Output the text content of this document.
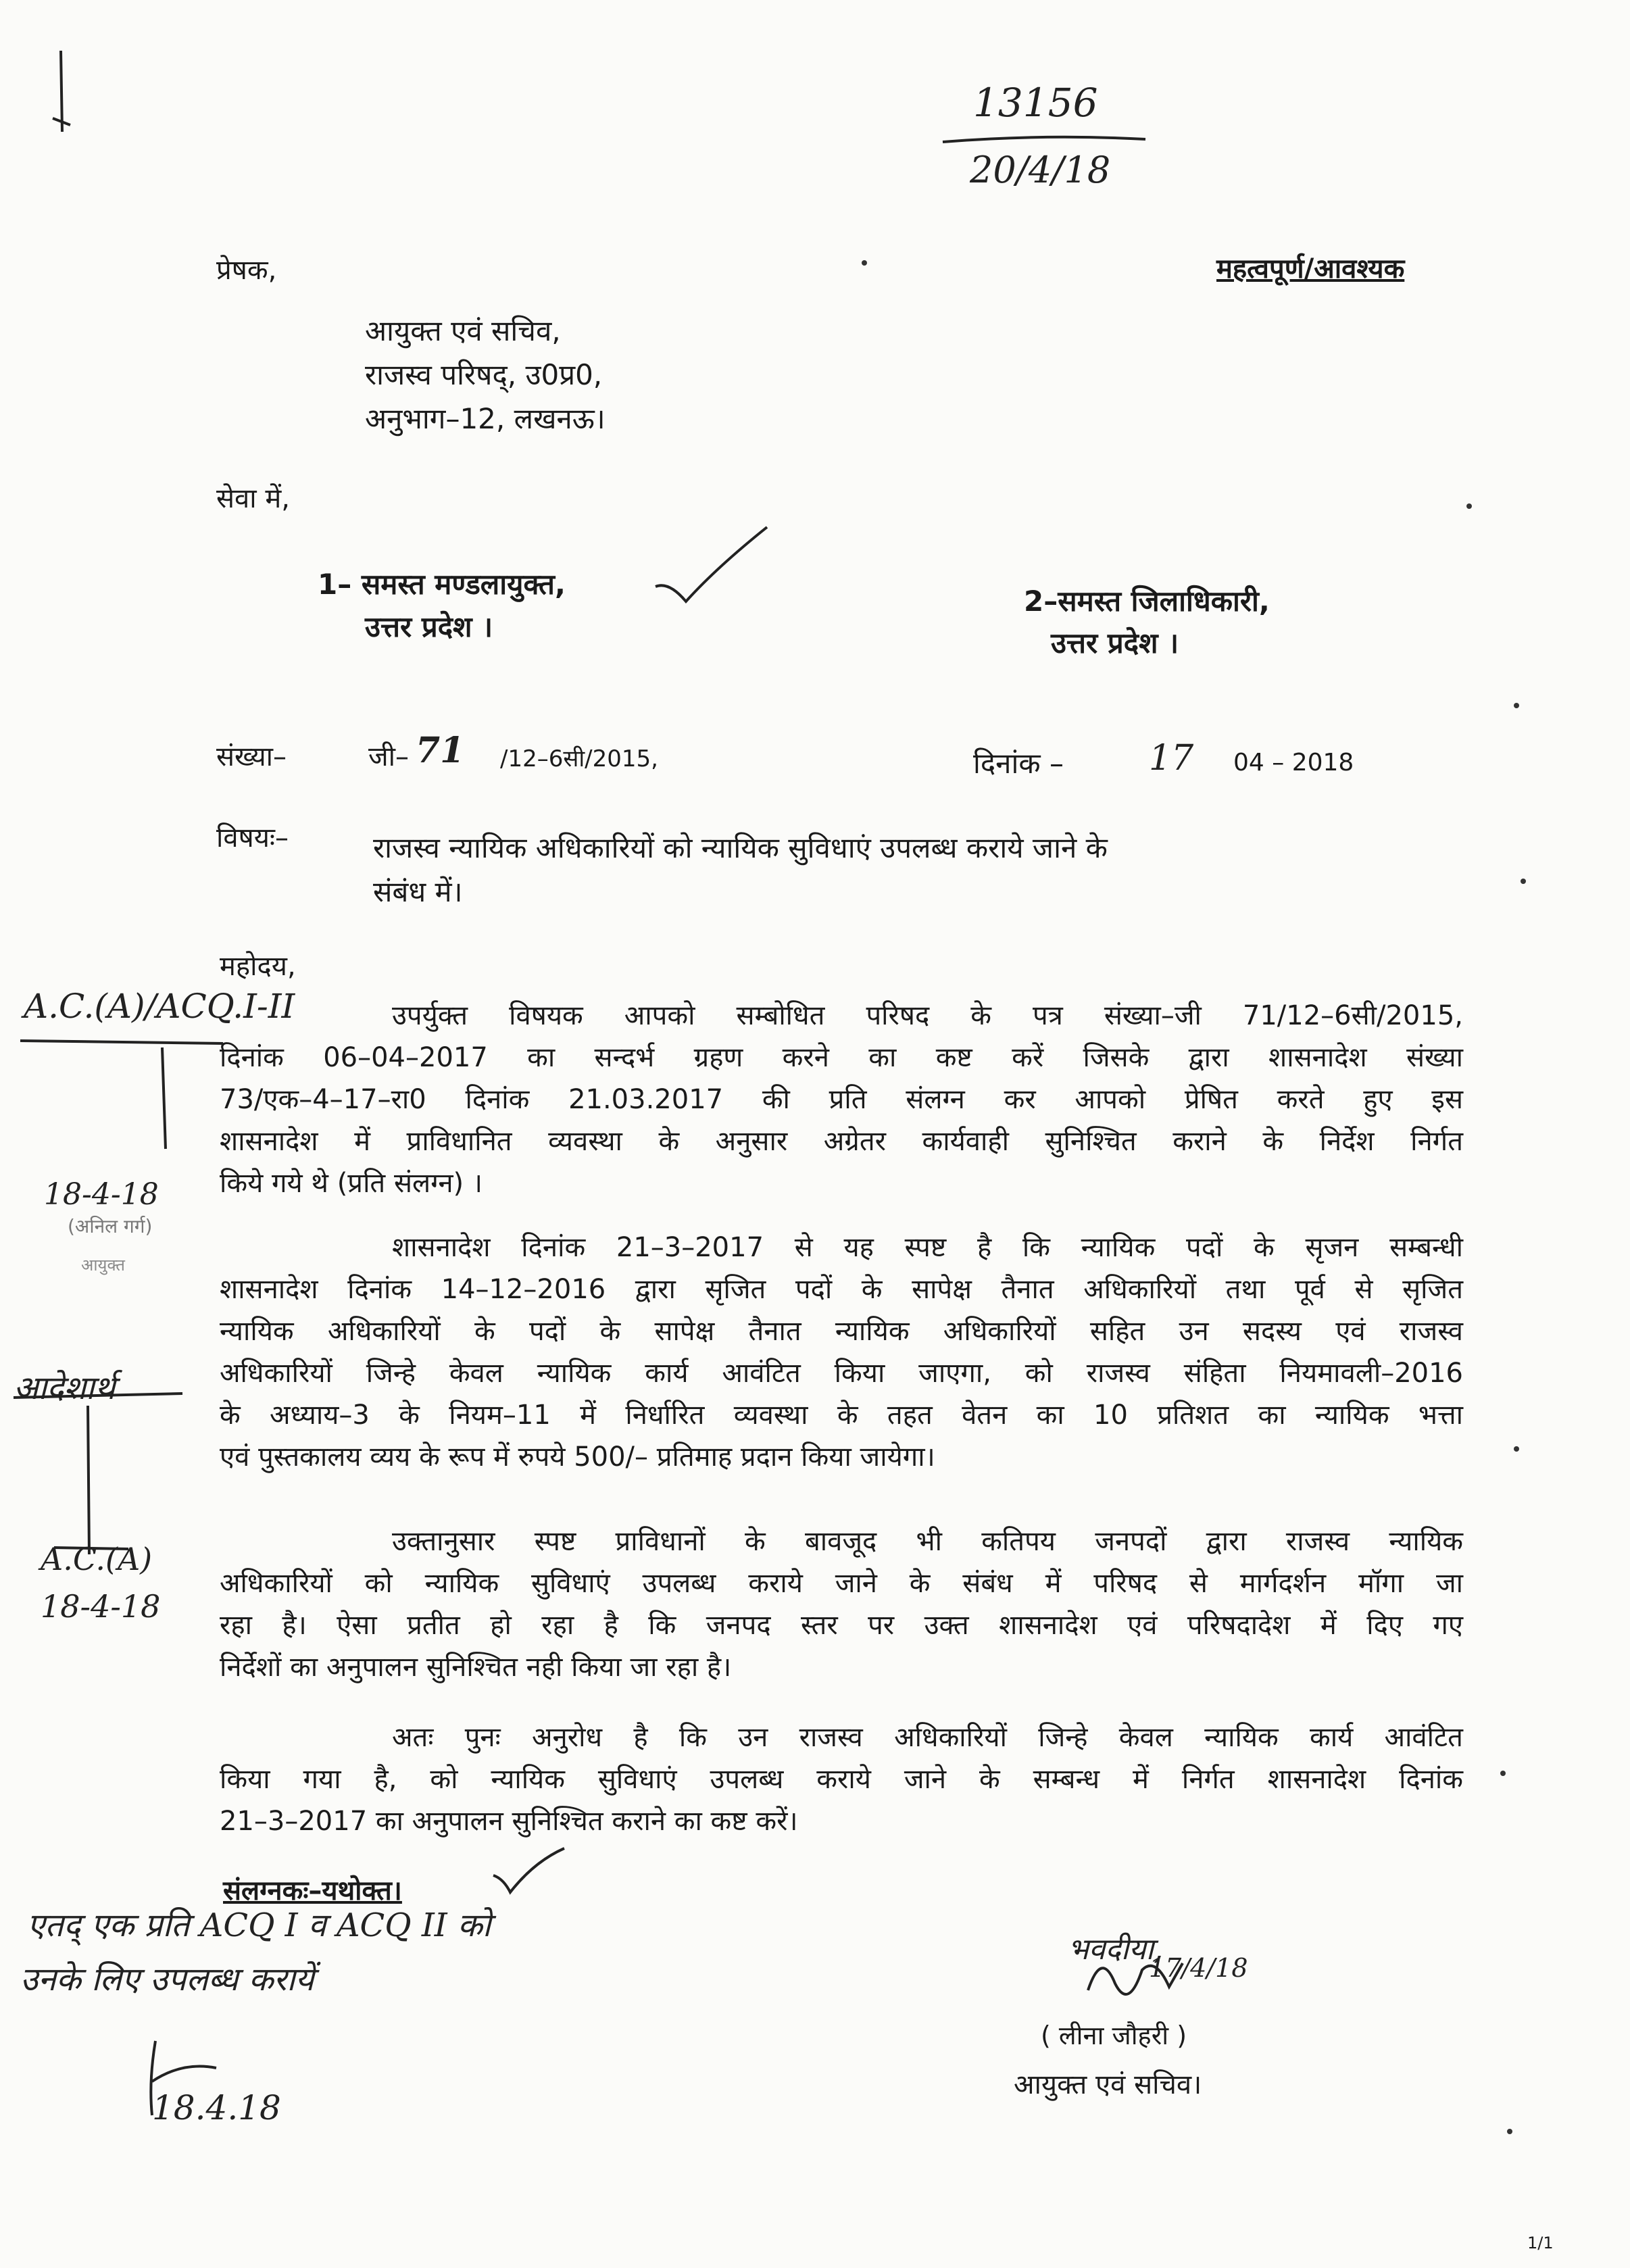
13156
20/4/18
प्रेषक,	महत्वपूर्ण/आवश्यक
आयुक्त एवं सचिव,
राजस्व परिषद्, उ0प्र0,
अनुभाग–12, लखनऊ।
सेवा में,
1– समस्त मण्डलायुक्त,
उत्तर प्रदेश ।
2–समस्त जिलाधिकारी,
उत्तर प्रदेश ।
संख्या–	जी– 71 /12–6सी/2015,	दिनांक – 17 04 – 2018
विषयः–	राजस्व न्यायिक अधिकारियों को न्यायिक सुविधाएं उपलब्ध कराये जाने के
संबंध में।
महोदय,
उपर्युक्त विषयक आपको सम्बोधित परिषद के पत्र संख्या–जी 71/12–6सी/2015,
दिनांक 06–04–2017 का सन्दर्भ ग्रहण करने का कष्ट करें जिसके द्वारा शासनादेश संख्या
73/एक–4–17–रा0 दिनांक 21.03.2017 की प्रति संलग्न कर आपको प्रेषित करते हुए इस
शासनादेश में प्राविधानित व्यवस्था के अनुसार अग्रेतर कार्यवाही सुनिश्चित कराने के निर्देश निर्गत
किये गये थे (प्रति संलग्न) ।
शासनादेश दिनांक 21–3–2017 से यह स्पष्ट है कि न्यायिक पदों के सृजन सम्बन्धी
शासनादेश दिनांक 14–12–2016 द्वारा सृजित पदों के सापेक्ष तैनात अधिकारियों तथा पूर्व से सृजित
न्यायिक अधिकारियों के पदों के सापेक्ष तैनात न्यायिक अधिकारियों सहित उन सदस्य एवं राजस्व
अधिकारियों जिन्हे केवल न्यायिक कार्य आवंटित किया जाएगा, को राजस्व संहिता नियमावली–2016
के अध्याय–3 के नियम–11 में निर्धारित व्यवस्था के तहत वेतन का 10 प्रतिशत का न्यायिक भत्ता
एवं पुस्तकालय व्यय के रूप में रुपये 500/– प्रतिमाह प्रदान किया जायेगा।
उक्तानुसार स्पष्ट प्राविधानों के बावजूद भी कतिपय जनपदों द्वारा राजस्व न्यायिक
अधिकारियों को न्यायिक सुविधाएं उपलब्ध कराये जाने के संबंध में परिषद से मार्गदर्शन मॉगा जा
रहा है। ऐसा प्रतीत हो रहा है कि जनपद स्तर पर उक्त शासनादेश एवं परिषदादेश में दिए गए
निर्देशों का अनुपालन सुनिश्चित नही किया जा रहा है।
अतः पुनः अनुरोध है कि उन राजस्व अधिकारियों जिन्हे केवल न्यायिक कार्य आवंटित
किया गया है, को न्यायिक सुविधाएं उपलब्ध कराये जाने के सम्बन्ध में निर्गत शासनादेश दिनांक
21–3–2017 का अनुपालन सुनिश्चित कराने का कष्ट करें।
संलग्नकः–यथोक्त।
भवदीया,
17/4/18
( लीना जौहरी )
आयुक्त एवं सचिव।
A.C.(A)/ACQ.I-II
18-4-18
(अनिल गर्ग)
आयुक्त
आदेशार्थ
A.C.(A)
18-4-18
एतद् एक प्रति ACQ I व ACQ II को
उनके लिए उपलब्ध करायें
18.4.18
1/1
